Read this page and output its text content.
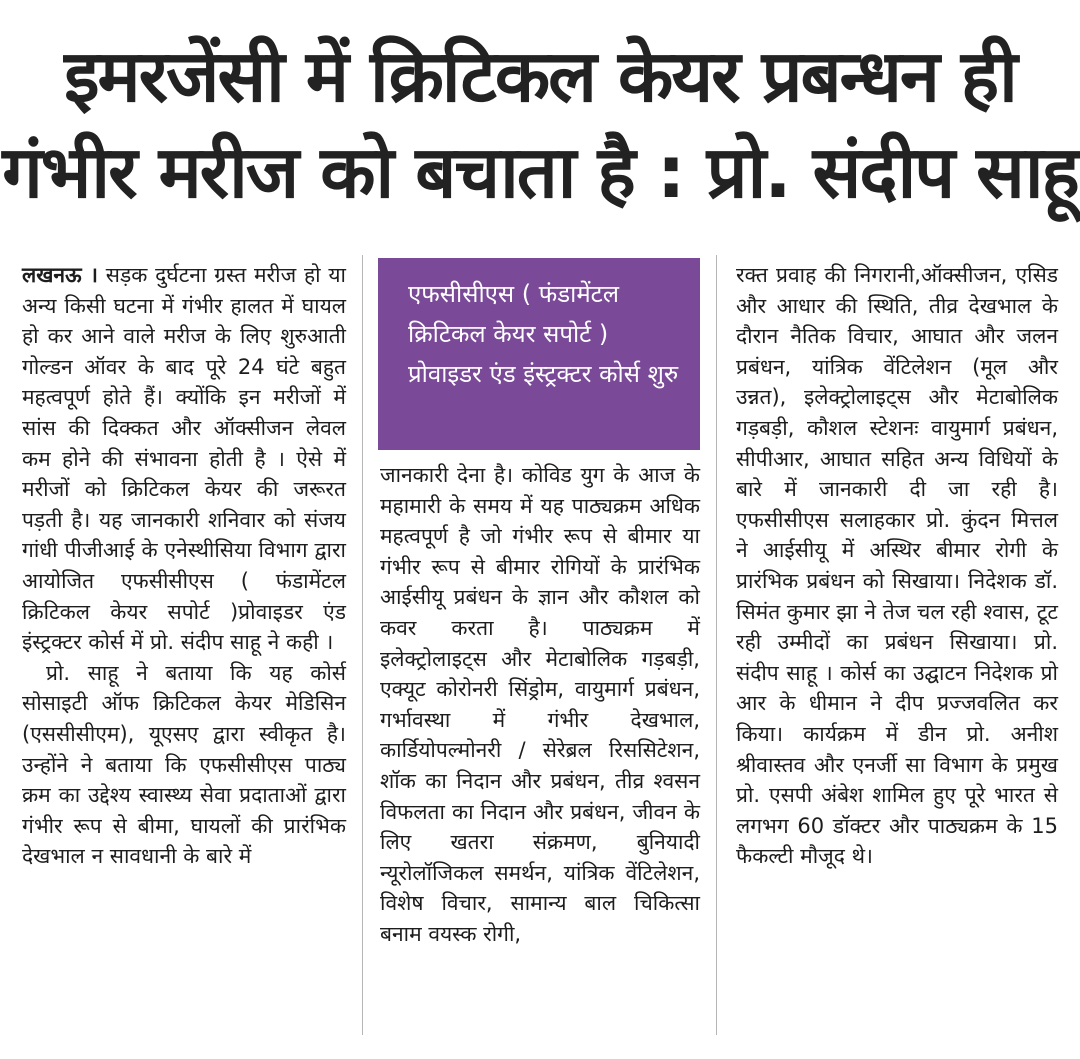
इमरजेंसी में क्रिटिकल केयर प्रबन्धन ही
गंभीर मरीज को बचाता है : प्रो. संदीप साहू

लखनऊ । सड़क दुर्घटना ग्रस्त मरीज हो या अन्य किसी घटना में गंभीर हालत में घायल हो कर आने वाले मरीज के लिए शुरुआती गोल्डन ऑवर के बाद पूरे 24 घंटे बहुत महत्वपूर्ण होते हैं। क्योंकि इन मरीजों में सांस की दिक्कत और ऑक्सीजन लेवल कम होने की संभावना होती है । ऐसे में मरीजों को क्रिटिकल केयर की जरूरत पड़ती है। यह जानकारी शनिवार को संजय गांधी पीजीआई के एनेस्थीसिया विभाग द्वारा आयोजित एफसीसीएस ( फंडामेंटल क्रिटिकल केयर सपोर्ट )प्रोवाइडर एंड इंस्ट्रक्टर कोर्स में प्रो. संदीप साहू ने कही ।

प्रो. साहू ने बताया कि यह कोर्स सोसाइटी ऑफ क्रिटिकल केयर मेडिसिन (एससीसीएम), यूएसए द्वारा स्वीकृत है। उन्होंने ने बताया कि एफसीसीएस पाठ्य क्रम का उद्देश्य स्वास्थ्य सेवा प्रदाताओं द्वारा गंभीर रूप से बीमा, घायलों की प्रारंभिक देखभाल न सावधानी के बारे में

एफसीसीएस ( फंडामेंटल क्रिटिकल केयर सपोर्ट ) प्रोवाइडर एंड इंस्ट्रक्टर कोर्स शुरु

जानकारी देना है। कोविड युग के आज के महामारी के समय में यह पाठ्यक्रम अधिक महत्वपूर्ण है जो गंभीर रूप से बीमार या गंभीर रूप से बीमार रोगियों के प्रारंभिक आईसीयू प्रबंधन के ज्ञान और कौशल को कवर करता है। पाठ्यक्रम में इलेक्ट्रोलाइट्स और मेटाबोलिक गड़बड़ी, एक्यूट कोरोनरी सिंड्रोम, वायुमार्ग प्रबंधन, गर्भावस्था में गंभीर देखभाल, कार्डियोपल्मोनरी / सेरेब्रल रिससिटेशन, शॉक का निदान और प्रबंधन, तीव्र श्वसन विफलता का निदान और प्रबंधन, जीवन के लिए खतरा संक्रमण, बुनियादी न्यूरोलॉजिकल समर्थन, यांत्रिक वेंटिलेशन, विशेष विचार, सामान्य बाल चिकित्सा बनाम वयस्क रोगी,

रक्त प्रवाह की निगरानी,ऑक्सीजन, एसिड और आधार की स्थिति, तीव्र देखभाल के दौरान नैतिक विचार, आघात और जलन प्रबंधन, यांत्रिक वेंटिलेशन (मूल और उन्नत), इलेक्ट्रोलाइट्स और मेटाबोलिक गड़बड़ी, कौशल स्टेशनः वायुमार्ग प्रबंधन, सीपीआर, आघात सहित अन्य विधियों के बारे में जानकारी दी जा रही है। एफसीसीएस सलाहकार प्रो. कुंदन मित्तल ने आईसीयू में अस्थिर बीमार रोगी के प्रारंभिक प्रबंधन को सिखाया। निदेशक डॉ. सिमंत कुमार झा ने तेज चल रही श्वास, टूट रही उम्मीदों का प्रबंधन सिखाया। प्रो. संदीप साहू । कोर्स का उद्घाटन निदेशक प्रो आर के धीमान ने दीप प्रज्जवलित कर किया। कार्यक्रम में डीन प्रो. अनीश श्रीवास्तव और एनर्जी सा विभाग के प्रमुख प्रो. एसपी अंबेश शामिल हुए पूरे भारत से लगभग 60 डॉक्टर और पाठ्यक्रम के 15 फैकल्टी मौजूद थे।
